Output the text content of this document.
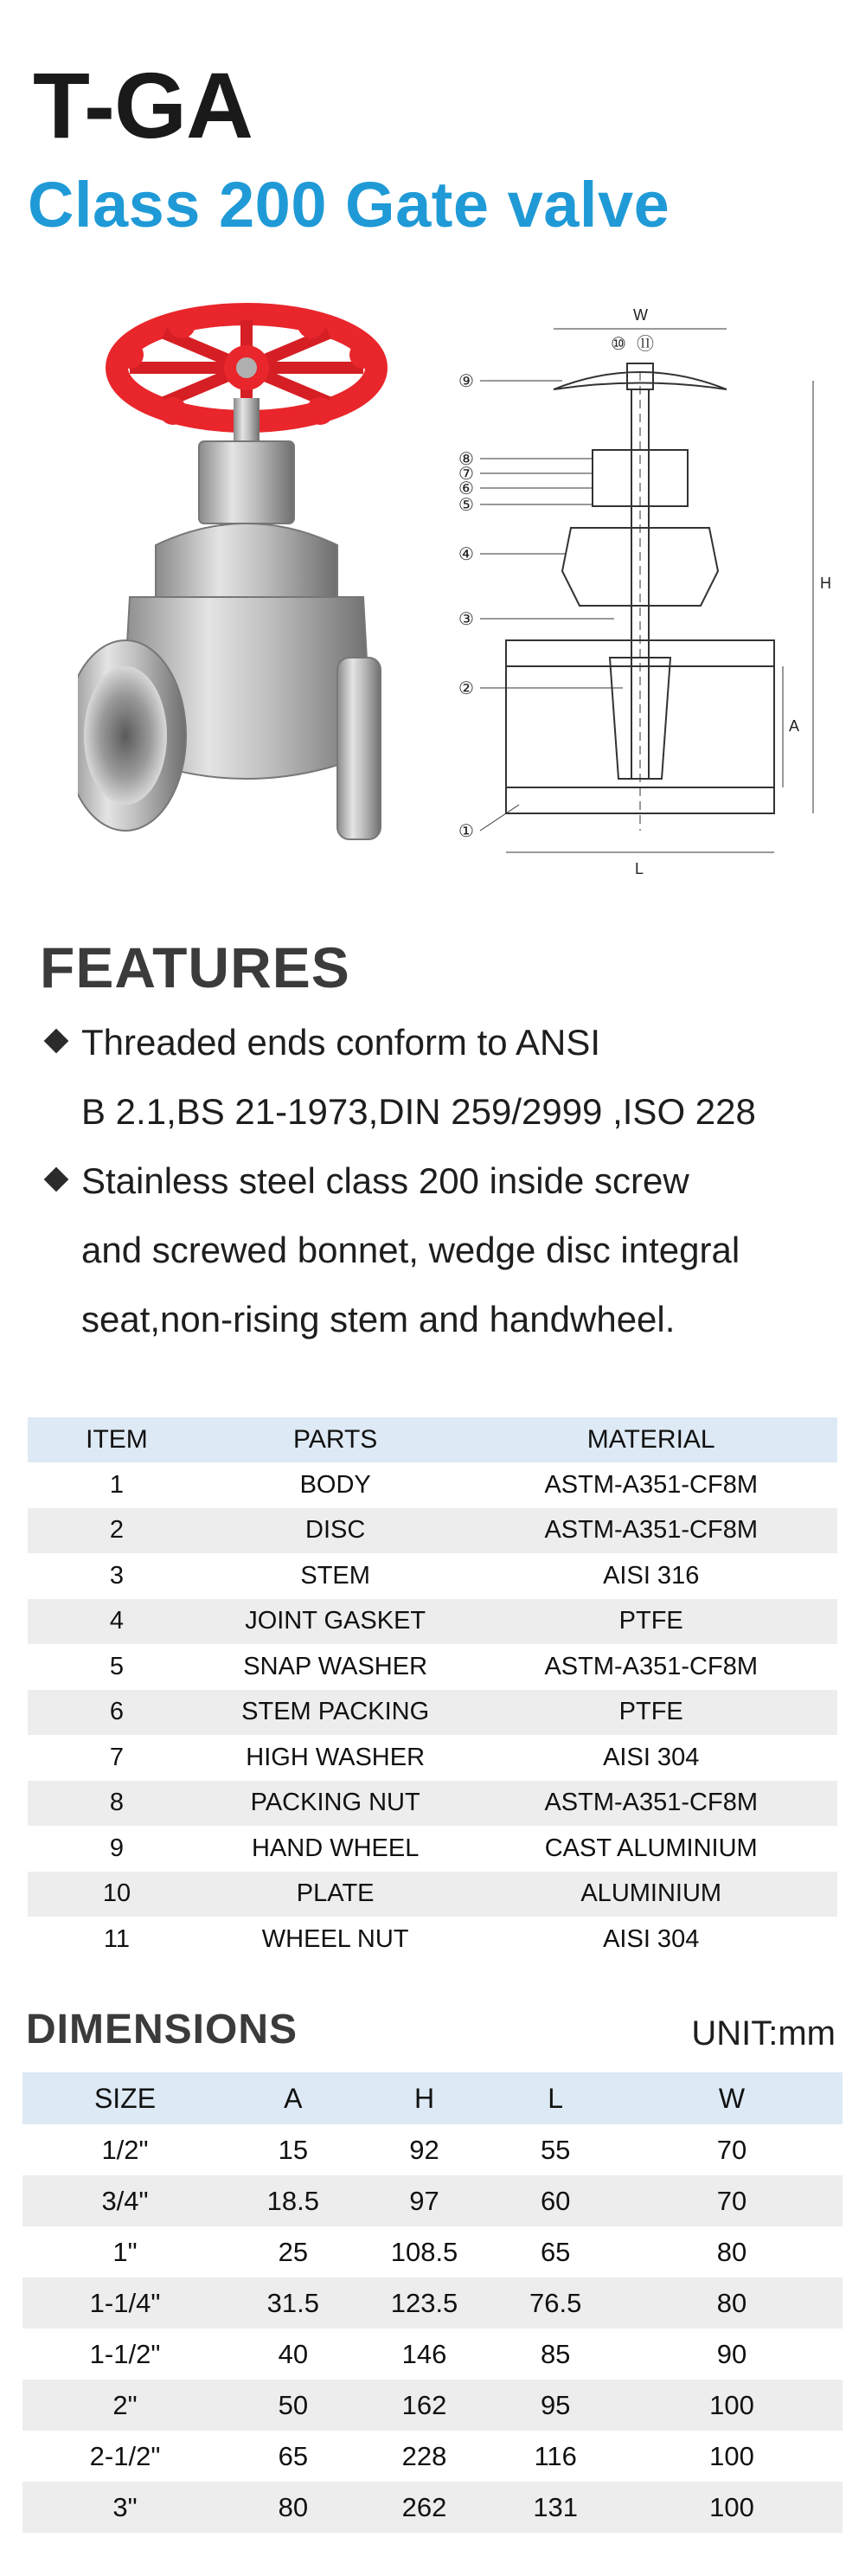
T-GA
Class 200 Gate valve
W
L
H
A
①
②
③
④
⑤
⑥
⑦
⑧
⑨
⑩ ⑪
FEATURES
Threaded ends conform to ANSI
B 2.1,BS 21-1973,DIN 259/2999 ,ISO 228
Stainless steel class 200 inside screw
and screwed bonnet, wedge disc integral
seat,non-rising stem and handwheel.
ITEM	PARTS	MATERIAL
1	BODY	ASTM-A351-CF8M
2	DISC	ASTM-A351-CF8M
3	STEM	AISI 316
4	JOINT GASKET	PTFE
5	SNAP WASHER	ASTM-A351-CF8M
6	STEM PACKING	PTFE
7	HIGH WASHER	AISI 304
8	PACKING NUT	ASTM-A351-CF8M
9	HAND WHEEL	CAST ALUMINIUM
10	PLATE	ALUMINIUM
11	WHEEL NUT	AISI 304
DIMENSIONS	UNIT:mm
SIZE	A	H	L	W
1/2"	15	92	55	70
3/4"	18.5	97	60	70
1"	25	108.5	65	80
1-1/4"	31.5	123.5	76.5	80
1-1/2"	40	146	85	90
2"	50	162	95	100
2-1/2"	65	228	116	100
3"	80	262	131	100
